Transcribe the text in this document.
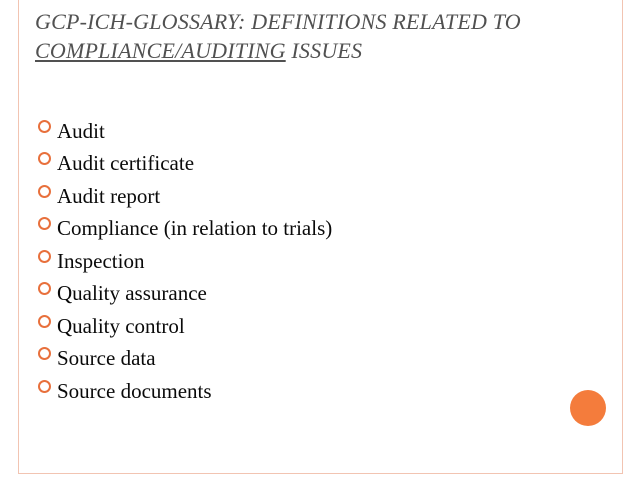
GCP-ICH-GLOSSARY: DEFINITIONS RELATED TO COMPLIANCE/AUDITING ISSUES
Audit
Audit certificate
Audit report
Compliance (in relation to trials)
Inspection
Quality assurance
Quality control
Source data
Source documents
